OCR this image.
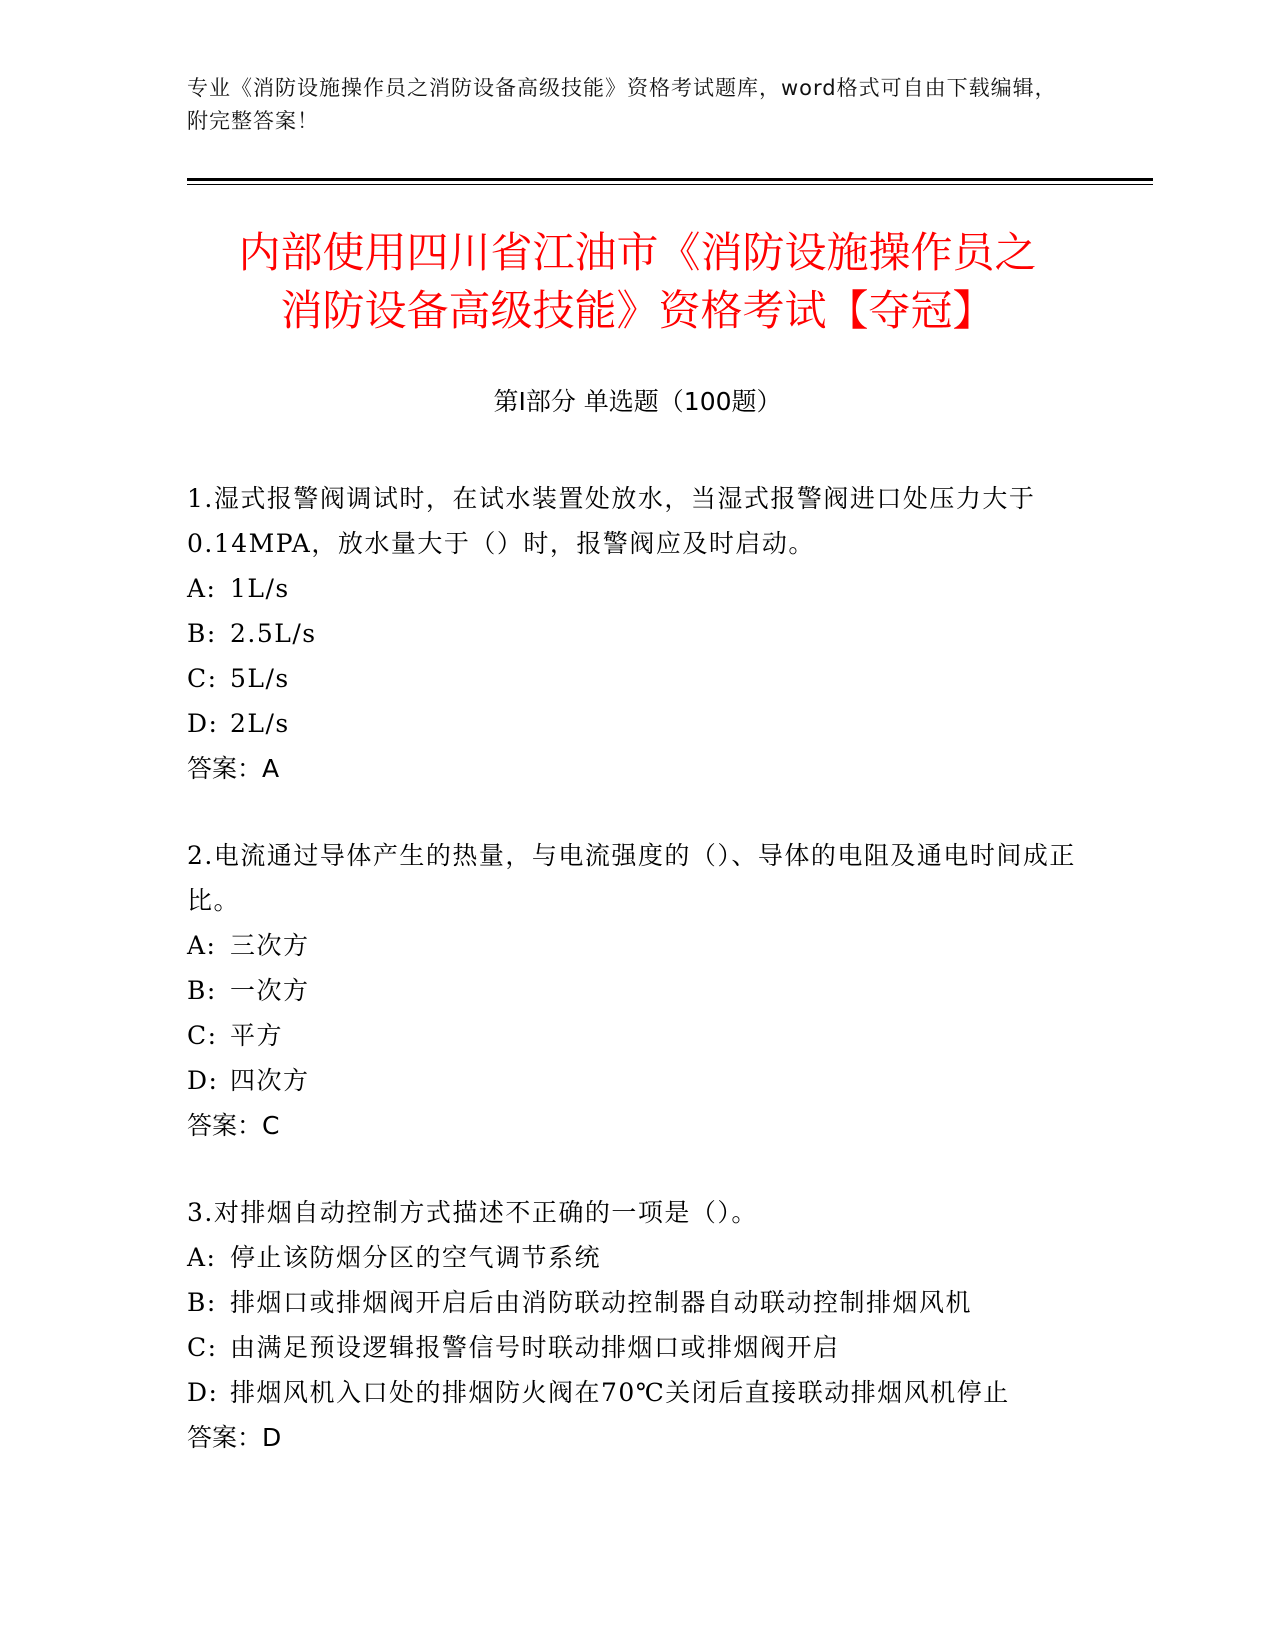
专业《消防设施操作员之消防设备高级技能》资格考试题库，word格式可自由下载编辑，附完整答案！
内部使用四川省江油市《消防设施操作员之
消防设备高级技能》资格考试【夺冠】
第Ⅰ部分 单选题（100题）
1.湿式报警阀调试时，在试水装置处放水，当湿式报警阀进口处压力大于0.14MPA，放水量大于（）时，报警阀应及时启动。
A: 1L/s
B: 2.5L/s
C: 5L/s
D: 2L/s
答案：A
2.电流通过导体产生的热量，与电流强度的（）、导体的电阻及通电时间成正比。
A: 三次方
B: 一次方
C: 平方
D: 四次方
答案：C
3.对排烟自动控制方式描述不正确的一项是（）。
A: 停止该防烟分区的空气调节系统
B: 排烟口或排烟阀开启后由消防联动控制器自动联动控制排烟风机
C: 由满足预设逻辑报警信号时联动排烟口或排烟阀开启
D: 排烟风机入口处的排烟防火阀在70℃关闭后直接联动排烟风机停止
答案：D
